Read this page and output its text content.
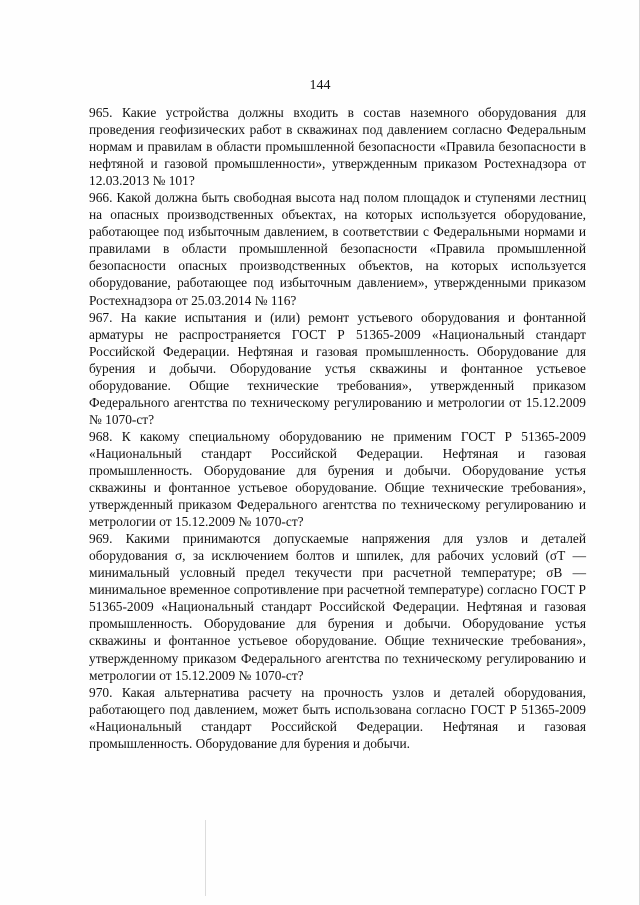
144

965. Какие устройства должны входить в состав наземного оборудования для проведения геофизических работ в скважинах под давлением согласно Федеральным нормам и правилам в области промышленной безопасности «Правила безопасности в нефтяной и газовой промышленности», утвержденным приказом Ростехнадзора от 12.03.2013 № 101?

966. Какой должна быть свободная высота над полом площадок и ступенями лестниц на опасных производственных объектах, на которых используется оборудование, работающее под избыточным давлением, в соответствии с Федеральными нормами и правилами в области промышленной безопасности «Правила промышленной безопасности опасных производственных объектов, на которых используется оборудование, работающее под избыточным давлением», утвержденными приказом Ростехнадзора от 25.03.2014 № 116?

967. На какие испытания и (или) ремонт устьевого оборудования и фонтанной арматуры не распространяется ГОСТ Р 51365-2009 «Национальный стандарт Российской Федерации. Нефтяная и газовая промышленность. Оборудование для бурения и добычи. Оборудование устья скважины и фонтанное устьевое оборудование. Общие технические требования», утвержденный приказом Федерального агентства по техническому регулированию и метрологии от 15.12.2009 № 1070-ст?

968. К какому специальному оборудованию не применим ГОСТ Р 51365-2009 «Национальный стандарт Российской Федерации. Нефтяная и газовая промышленность. Оборудование для бурения и добычи. Оборудование устья скважины и фонтанное устьевое оборудование. Общие технические требования», утвержденный приказом Федерального агентства по техническому регулированию и метрологии от 15.12.2009 № 1070-ст?

969. Какими принимаются допускаемые напряжения для узлов и деталей оборудования σ, за исключением болтов и шпилек, для рабочих условий (σТ — минимальный условный предел текучести при расчетной температуре; σВ — минимальное временное сопротивление при расчетной температуре) согласно ГОСТ Р 51365-2009 «Национальный стандарт Российской Федерации. Нефтяная и газовая промышленность. Оборудование для бурения и добычи. Оборудование устья скважины и фонтанное устьевое оборудование. Общие технические требования», утвержденному приказом Федерального агентства по техническому регулированию и метрологии от 15.12.2009 № 1070-ст?

970. Какая альтернатива расчету на прочность узлов и деталей оборудования, работающего под давлением, может быть использована согласно ГОСТ Р 51365-2009 «Национальный стандарт Российской Федерации. Нефтяная и газовая промышленность. Оборудование для бурения и добычи.
